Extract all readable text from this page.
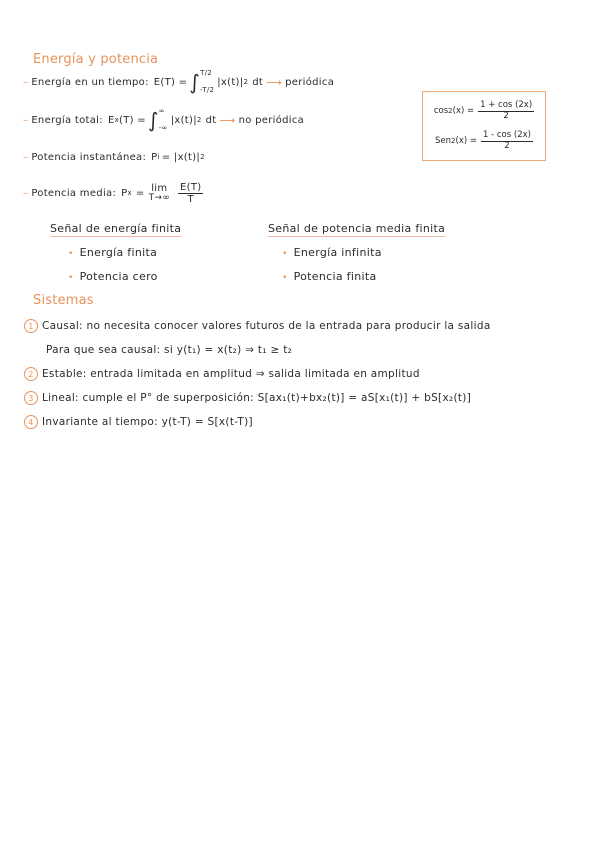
Energía y potencia
– Energía en un tiempo: E(T) = ∫ T/2
-T/2
|x(t)| 2 dt ⟶ periódica
– Energía total: E x (T) = ∫ ∞
-∞
|x(t)| 2 dt ⟶ no periódica
– Potencia instantánea: P i = |x(t)| 2
– Potencia media: P x = lim
$T\to\infty \frac{E(T)}{T}$
cos 2 $(x) = \frac{1 + \cos (2x)}{2}$
Sen 2 $(x) = \frac{1 - \cos (2x)}{2}$
Señal de energía finita
• Energía finita
• Potencia cero
Señal de potencia media finita
• Energía infinita
• Potencia finita
Sistemas
1 Causal: no necesita conocer valores futuros de la entrada para producir la salida
Para que sea causal: si y(t₁) = x(t₂) ⇒ t₁ ≥ t₂
2 Estable: entrada limitada en amplitud ⇒ salida limitada en amplitud
3 Lineal: cumple el P° de superposición: S[ax₁(t)+bx₂(t)] = aS[x₁(t)] + bS[x₂(t)]
4 Invariante al tiempo: y(t-T) = S[x(t-T)]
